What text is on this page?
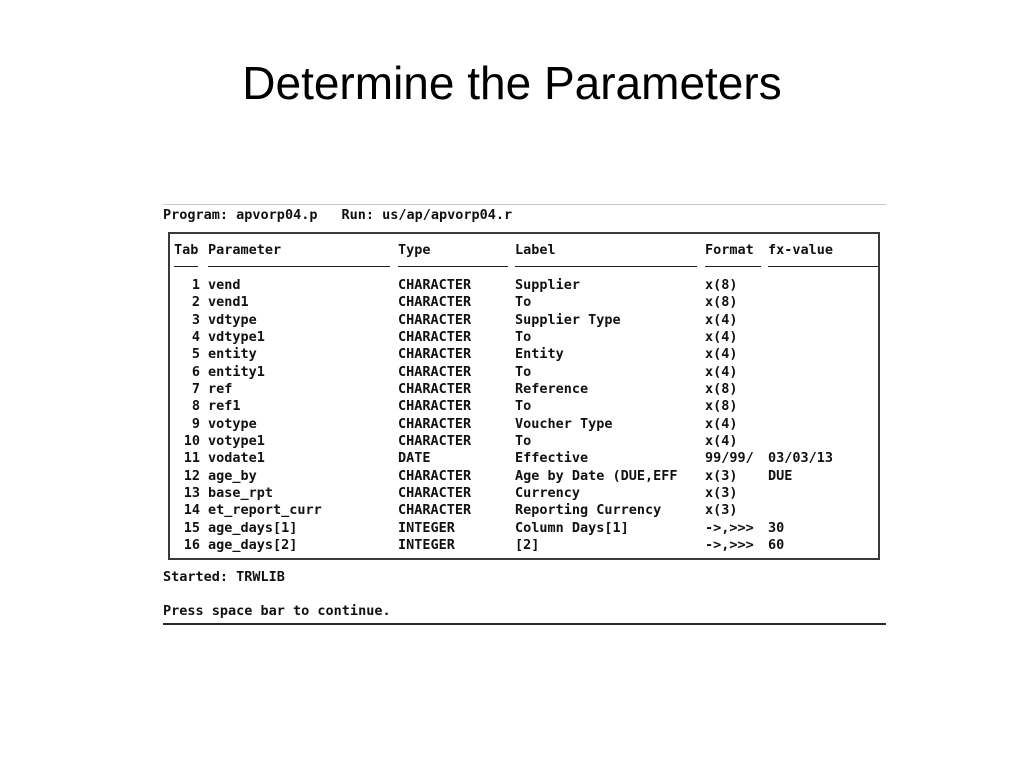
Determine the Parameters
Program: apvorp04.p Run: us/ap/apvorp04.r
Tab Parameter	Type	Label	Format fx-value
1 vend	CHARACTER	Supplier	x(8)
2 vend1	CHARACTER	To	x(8)
3 vdtype	CHARACTER	Supplier Type	x(4)
4 vdtype1	CHARACTER	To	x(4)
5 entity	CHARACTER	Entity	x(4)
6 entity1	CHARACTER	To	x(4)
7 ref	CHARACTER	Reference	x(8)
8 ref1	CHARACTER	To	x(8)
9 votype	CHARACTER	Voucher Type	x(4)
10 votype1	CHARACTER	To	x(4)
11 vodate1	DATE	Effective	99/99/ 03/03/13
12 age_by	CHARACTER	Age by Date (DUE,EFF	x(3) DUE
13 base_rpt	CHARACTER	Currency	x(3)
14 et_report_curr	CHARACTER	Reporting Currency	x(3)
15 age_days[1]	INTEGER	Column Days[1]	->,>>> 30
16 age_days[2]	INTEGER	[2]	->,>>> 60
Started: TRWLIB
Press space bar to continue.
